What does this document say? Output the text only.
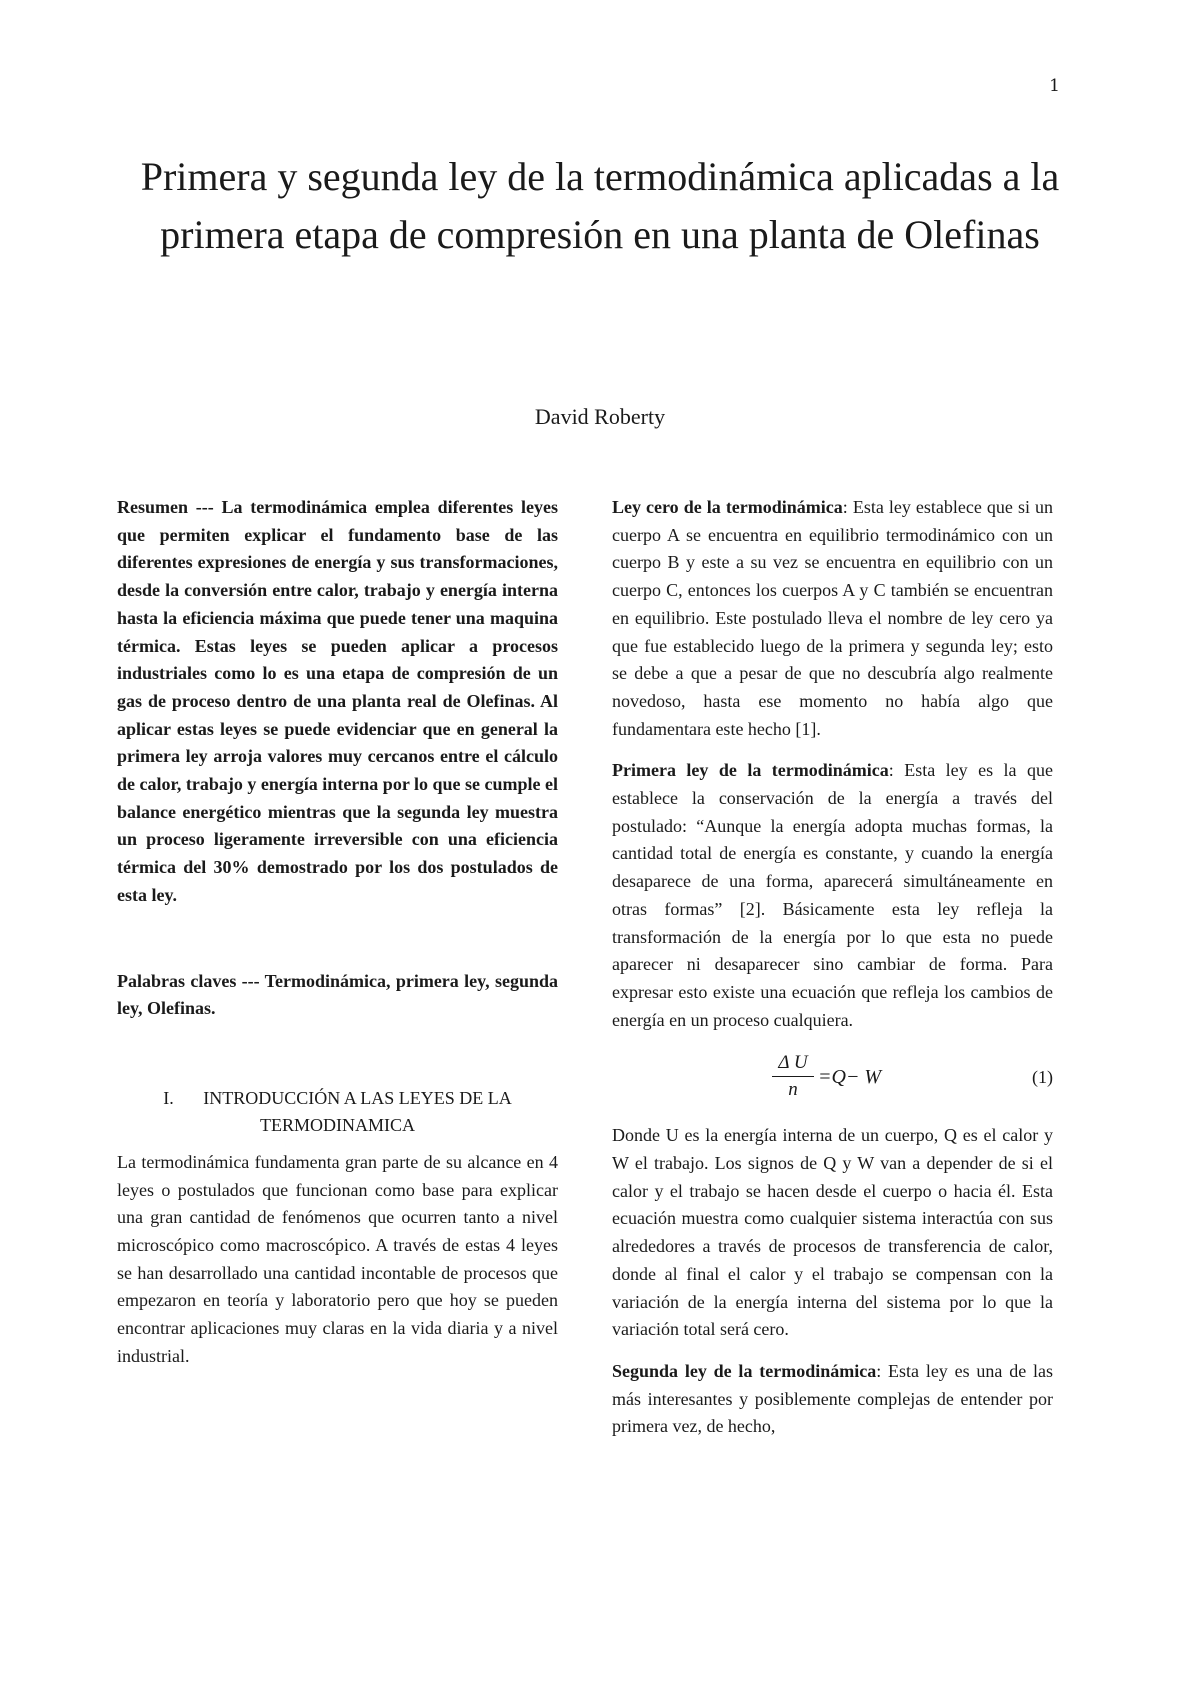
1
Primera y segunda ley de la termodinámica aplicadas a la primera etapa de compresión en una planta de Olefinas
David Roberty

Resumen --- La termodinámica emplea diferentes leyes que permiten explicar el fundamento base de las diferentes expresiones de energía y sus transformaciones, desde la conversión entre calor, trabajo y energía interna hasta la eficiencia máxima que puede tener una maquina térmica. Estas leyes se pueden aplicar a procesos industriales como lo es una etapa de compresión de un gas de proceso dentro de una planta real de Olefinas. Al aplicar estas leyes se puede evidenciar que en general la primera ley arroja valores muy cercanos entre el cálculo de calor, trabajo y energía interna por lo que se cumple el balance energético mientras que la segunda ley muestra un proceso ligeramente irreversible con una eficiencia térmica del 30% demostrado por los dos postulados de esta ley.

Palabras claves --- Termodinámica, primera ley, segunda ley, Olefinas.

I. INTRODUCCIÓN A LAS LEYES DE LA TERMODINAMICA

La termodinámica fundamenta gran parte de su alcance en 4 leyes o postulados que funcionan como base para explicar una gran cantidad de fenómenos que ocurren tanto a nivel microscópico como macroscópico. A través de estas 4 leyes se han desarrollado una cantidad incontable de procesos que empezaron en teoría y laboratorio pero que hoy se pueden encontrar aplicaciones muy claras en la vida diaria y a nivel industrial.

Ley cero de la termodinámica: Esta ley establece que si un cuerpo A se encuentra en equilibrio termodinámico con un cuerpo B y este a su vez se encuentra en equilibrio con un cuerpo C, entonces los cuerpos A y C también se encuentran en equilibrio. Este postulado lleva el nombre de ley cero ya que fue establecido luego de la primera y segunda ley; esto se debe a que a pesar de que no descubría algo realmente novedoso, hasta ese momento no había algo que fundamentara este hecho [1].

Primera ley de la termodinámica: Esta ley es la que establece la conservación de la energía a través del postulado: “Aunque la energía adopta muchas formas, la cantidad total de energía es constante, y cuando la energía desaparece de una forma, aparecerá simultáneamente en otras formas” [2]. Básicamente esta ley refleja la transformación de la energía por lo que esta no puede aparecer ni desaparecer sino cambiar de forma. Para expresar esto existe una ecuación que refleja los cambios de energía en un proceso cualquiera.

$\frac{\text{Δ U}}{n} =Q- W$	(1)

Donde U es la energía interna de un cuerpo, Q es el calor y W el trabajo. Los signos de Q y W van a depender de si el calor y el trabajo se hacen desde el cuerpo o hacia él. Esta ecuación muestra como cualquier sistema interactúa con sus alrededores a través de procesos de transferencia de calor, donde al final el calor y el trabajo se compensan con la variación de la energía interna del sistema por lo que la variación total será cero.

Segunda ley de la termodinámica: Esta ley es una de las más interesantes y posiblemente complejas de entender por primera vez, de hecho,
